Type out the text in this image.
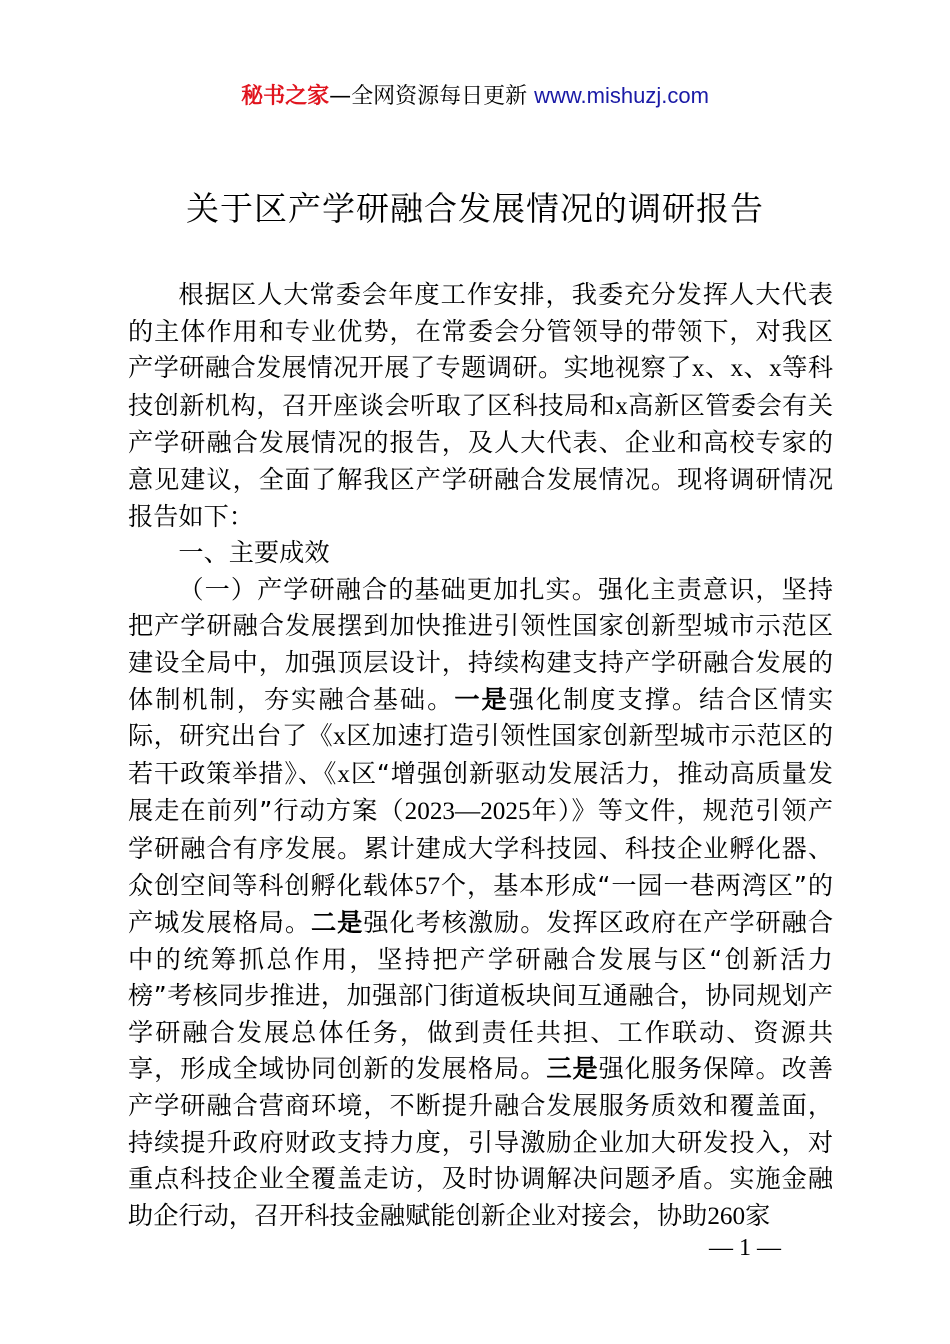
秘书之家—全网资源每日更新 www.mishuzj.com
关于区产学研融合发展情况的调研报告

根据区人大常委会年度工作安排，我委充分发挥人大代表的主体作用和专业优势，在常委会分管领导的带领下，对我区产学研融合发展情况开展了专题调研。实地视察了x、x、x等科技创新机构，召开座谈会听取了区科技局和x高新区管委会有关产学研融合发展情况的报告，及人大代表、企业和高校专家的意见建议，全面了解我区产学研融合发展情况。现将调研情况报告如下：

一、主要成效

（一）产学研融合的基础更加扎实。强化主责意识，坚持把产学研融合发展摆到加快推进引领性国家创新型城市示范区建设全局中，加强顶层设计，持续构建支持产学研融合发展的体制机制，夯实融合基础。一是强化制度支撑。结合区情实际，研究出台了《x区加速打造引领性国家创新型城市示范区的若干政策举措》、《x区“增强创新驱动发展活力，推动高质量发展走在前列”行动方案（2023—2025年）》等文件，规范引领产学研融合有序发展。累计建成大学科技园、科技企业孵化器、众创空间等科创孵化载体57个，基本形成“一园一巷两湾区”的产城发展格局。二是强化考核激励。发挥区政府在产学研融合中的统筹抓总作用，坚持把产学研融合发展与区“创新活力榜”考核同步推进，加强部门街道板块间互通融合，协同规划产学研融合发展总体任务，做到责任共担、工作联动、资源共享，形成全域协同创新的发展格局。三是强化服务保障。改善产学研融合营商环境，不断提升融合发展服务质效和覆盖面，持续提升政府财政支持力度，引导激励企业加大研发投入，对重点科技企业全覆盖走访，及时协调解决问题矛盾。实施金融助企行动，召开科技金融赋能创新企业对接会，协助260家

— 1 —
